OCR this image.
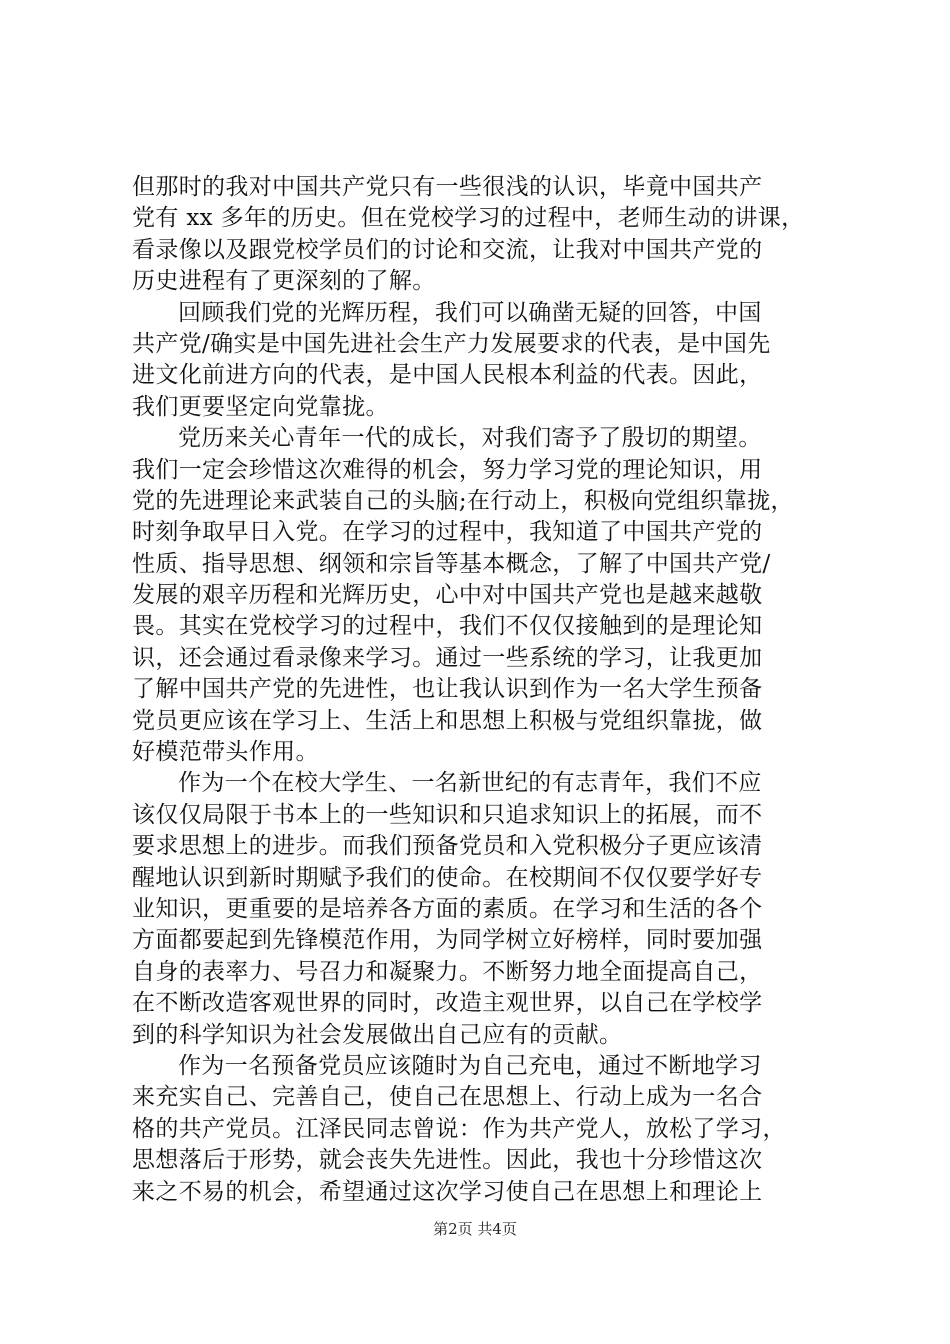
但那时的我对中国共产党只有一些很浅的认识，毕竟中国共产
党有 xx 多年的历史。但在党校学习的过程中，老师生动的讲课，
看录像以及跟党校学员们的讨论和交流，让我对中国共产党的
历史进程有了更深刻的了解。
回顾我们党的光辉历程，我们可以确凿无疑的回答，中国
共产党/确实是中国先进社会生产力发展要求的代表，是中国先
进文化前进方向的代表，是中国人民根本利益的代表。因此，
我们更要坚定向党靠拢。
党历来关心青年一代的成长，对我们寄予了殷切的期望。
我们一定会珍惜这次难得的机会，努力学习党的理论知识，用
党的先进理论来武装自己的头脑;在行动上，积极向党组织靠拢，
时刻争取早日入党。在学习的过程中，我知道了中国共产党的
性质、指导思想、纲领和宗旨等基本概念，了解了中国共产党/
发展的艰辛历程和光辉历史，心中对中国共产党也是越来越敬
畏。其实在党校学习的过程中，我们不仅仅接触到的是理论知
识，还会通过看录像来学习。通过一些系统的学习，让我更加
了解中国共产党的先进性，也让我认识到作为一名大学生预备
党员更应该在学习上、生活上和思想上积极与党组织靠拢，做
好模范带头作用。
作为一个在校大学生、一名新世纪的有志青年，我们不应
该仅仅局限于书本上的一些知识和只追求知识上的拓展，而不
要求思想上的进步。而我们预备党员和入党积极分子更应该清
醒地认识到新时期赋予我们的使命。在校期间不仅仅要学好专
业知识，更重要的是培养各方面的素质。在学习和生活的各个
方面都要起到先锋模范作用，为同学树立好榜样，同时要加强
自身的表率力、号召力和凝聚力。不断努力地全面提高自己，
在不断改造客观世界的同时，改造主观世界，以自己在学校学
到的科学知识为社会发展做出自己应有的贡献。
作为一名预备党员应该随时为自己充电，通过不断地学习
来充实自己、完善自己，使自己在思想上、行动上成为一名合
格的共产党员。江泽民同志曾说：作为共产党人，放松了学习，
思想落后于形势，就会丧失先进性。因此，我也十分珍惜这次
来之不易的机会，希望通过这次学习使自己在思想上和理论上
第2页 共4页
